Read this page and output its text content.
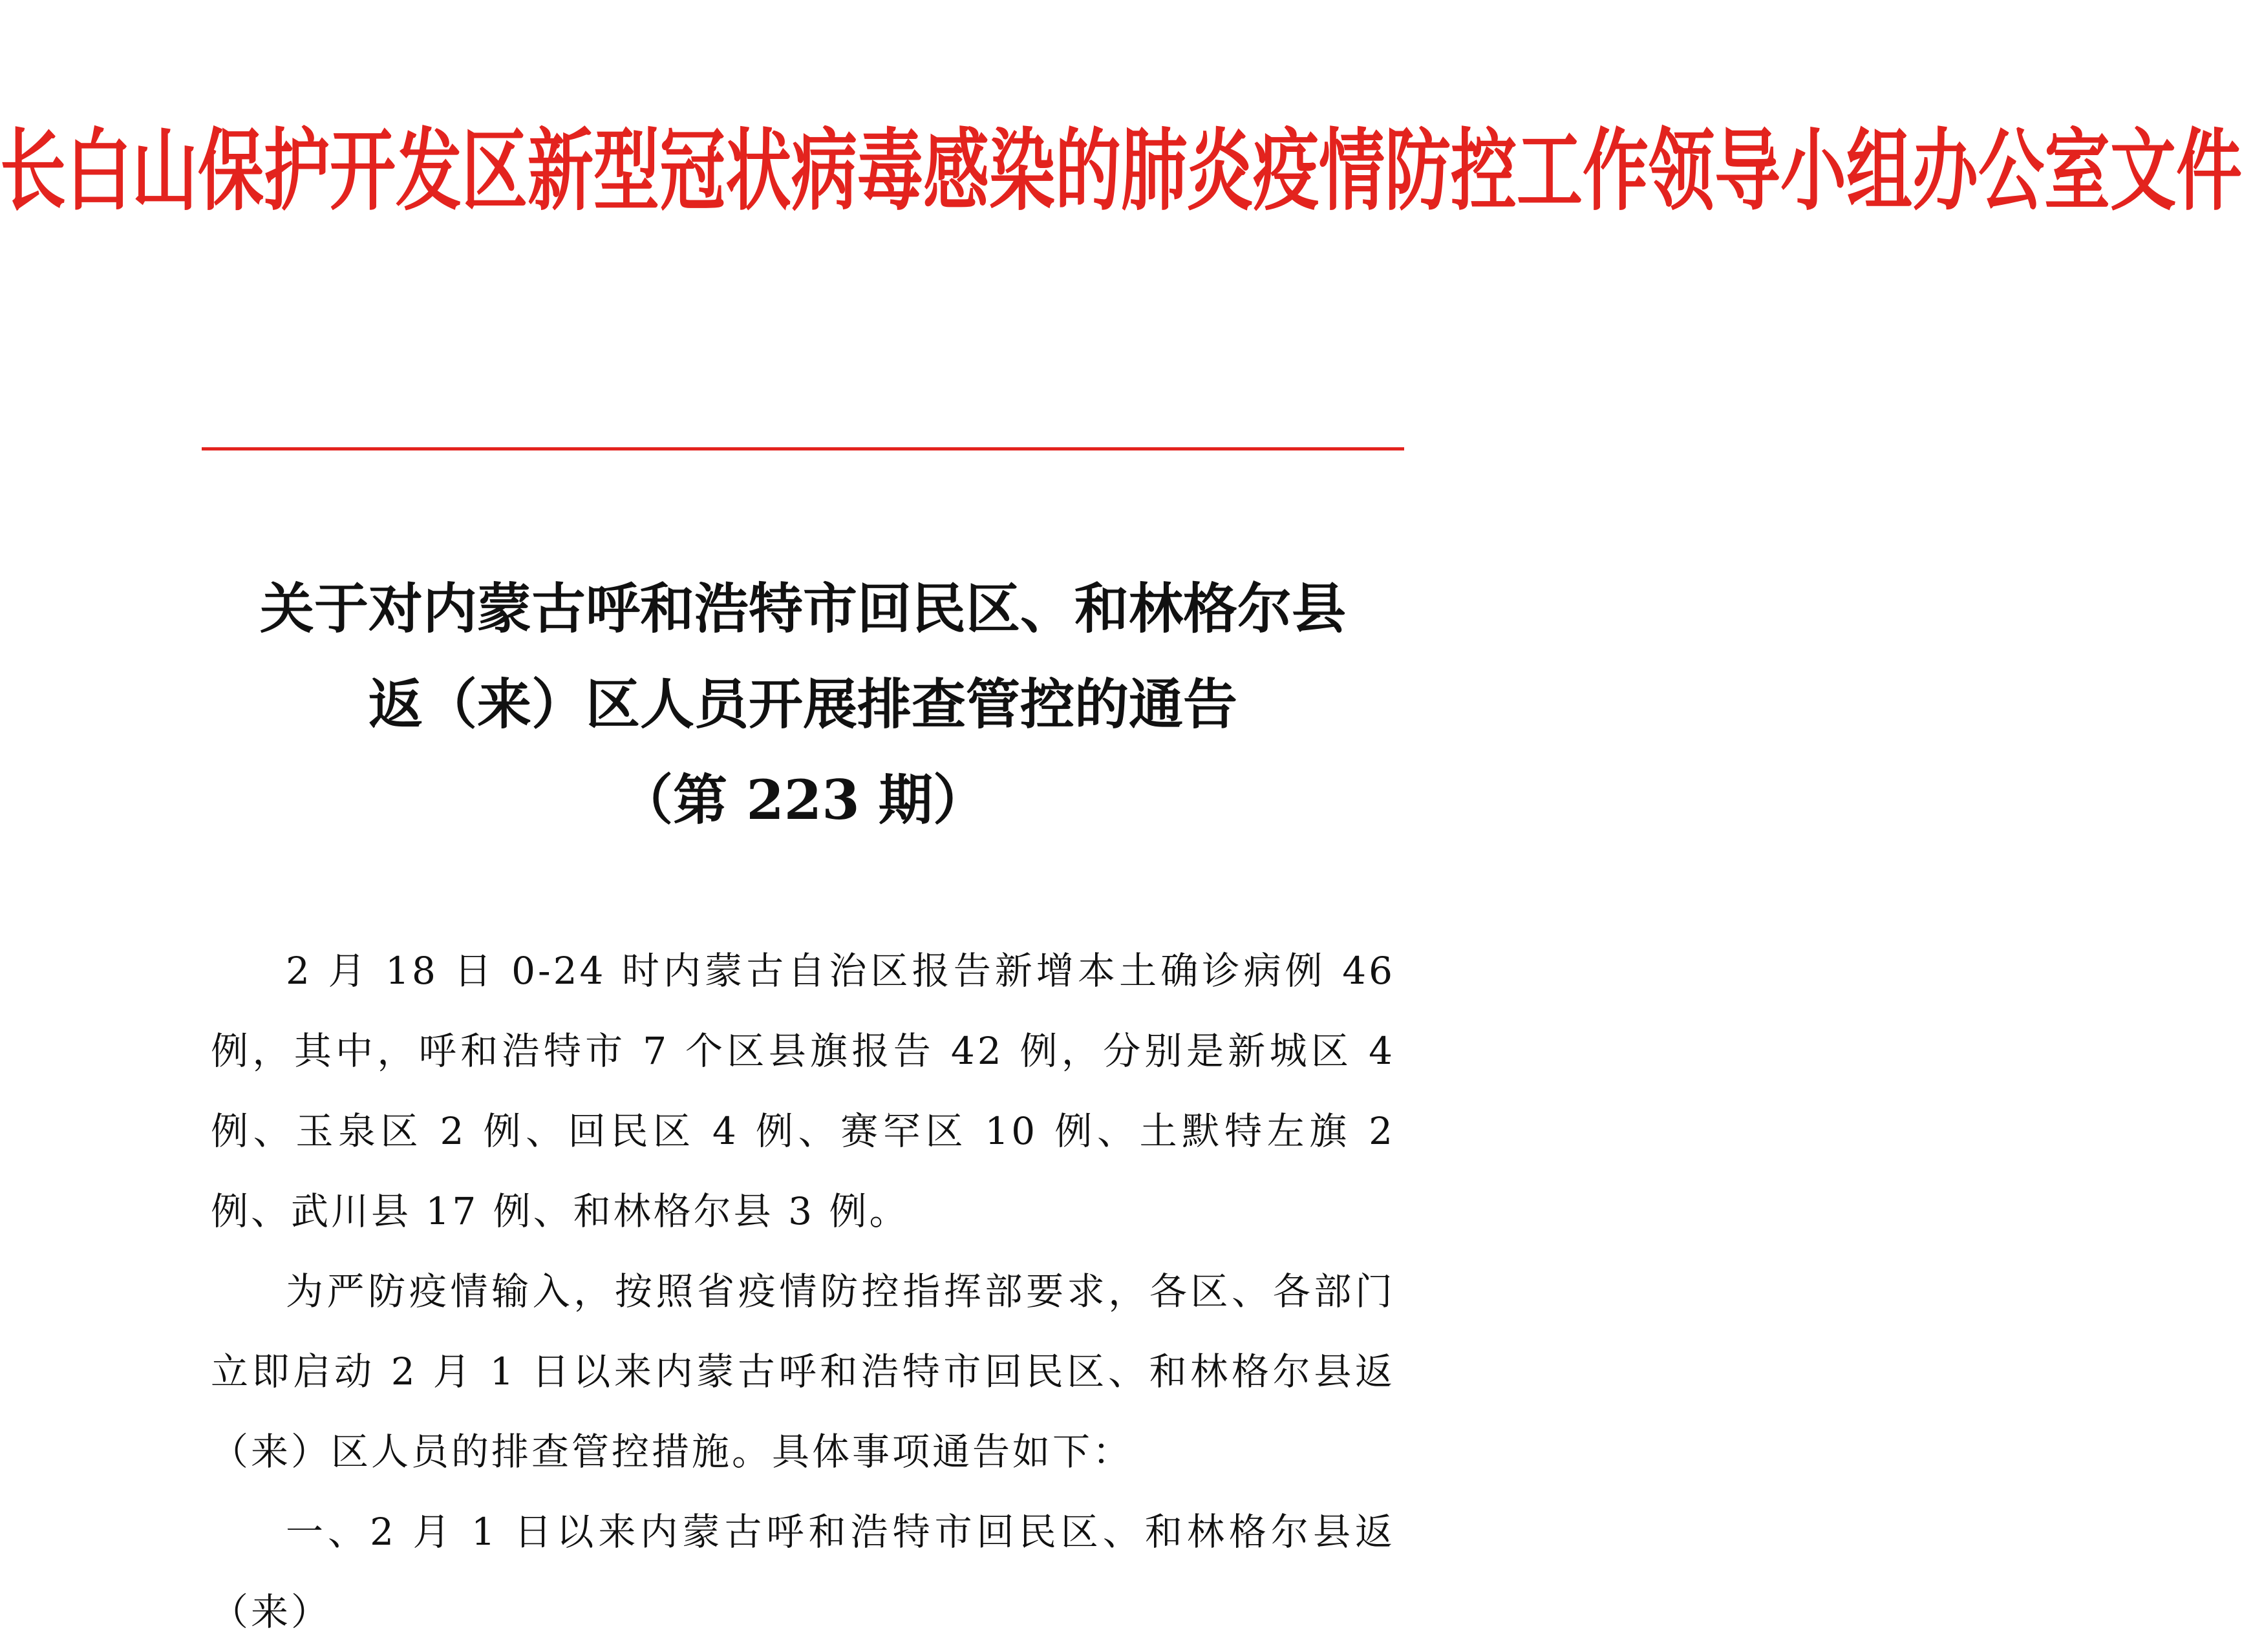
长白山保护开发区新型冠状病毒感染的肺炎疫情防控工作领导小组办公室文件
关于对内蒙古呼和浩特市回民区、和林格尔县
返（来）区人员开展排查管控的通告
（第 223 期）

2 月 18 日 0-24 时内蒙古自治区报告新增本土确诊病例 46 例，其中，呼和浩特市 7 个区县旗报告 42 例，分别是新城区 4 例、玉泉区 2 例、回民区 4 例、赛罕区 10 例、土默特左旗 2 例、武川县 17 例、和林格尔县 3 例。

为严防疫情输入，按照省疫情防控指挥部要求，各区、各部门立即启动 2 月 1 日以来内蒙古呼和浩特市回民区、和林格尔县返（来）区人员的排查管控措施。具体事项通告如下：

一、2 月 1 日以来内蒙古呼和浩特市回民区、和林格尔县返（来）
